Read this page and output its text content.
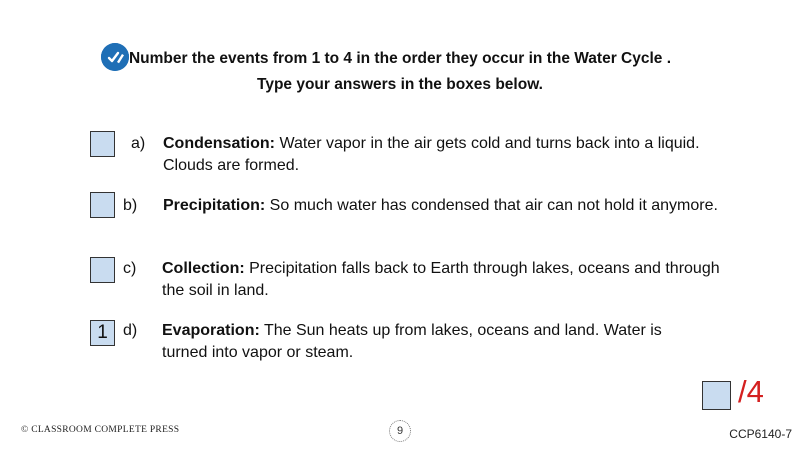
Number the events from 1 to 4 in the order they occur in the Water Cycle .
Type your answers in the boxes below.
a) Condensation: Water vapor in the air gets cold and turns back into a liquid.
Clouds are formed.
b) Precipitation: So much water has condensed that air can not hold it anymore.
c) Collection: Precipitation falls back to Earth through lakes, oceans and through
the soil in land.
1 d) Evaporation: The Sun heats up from lakes, oceans and land. Water is
turned into vapor or steam.
/4
© CLASSROOM COMPLETE PRESS	9	CCP6140-7
